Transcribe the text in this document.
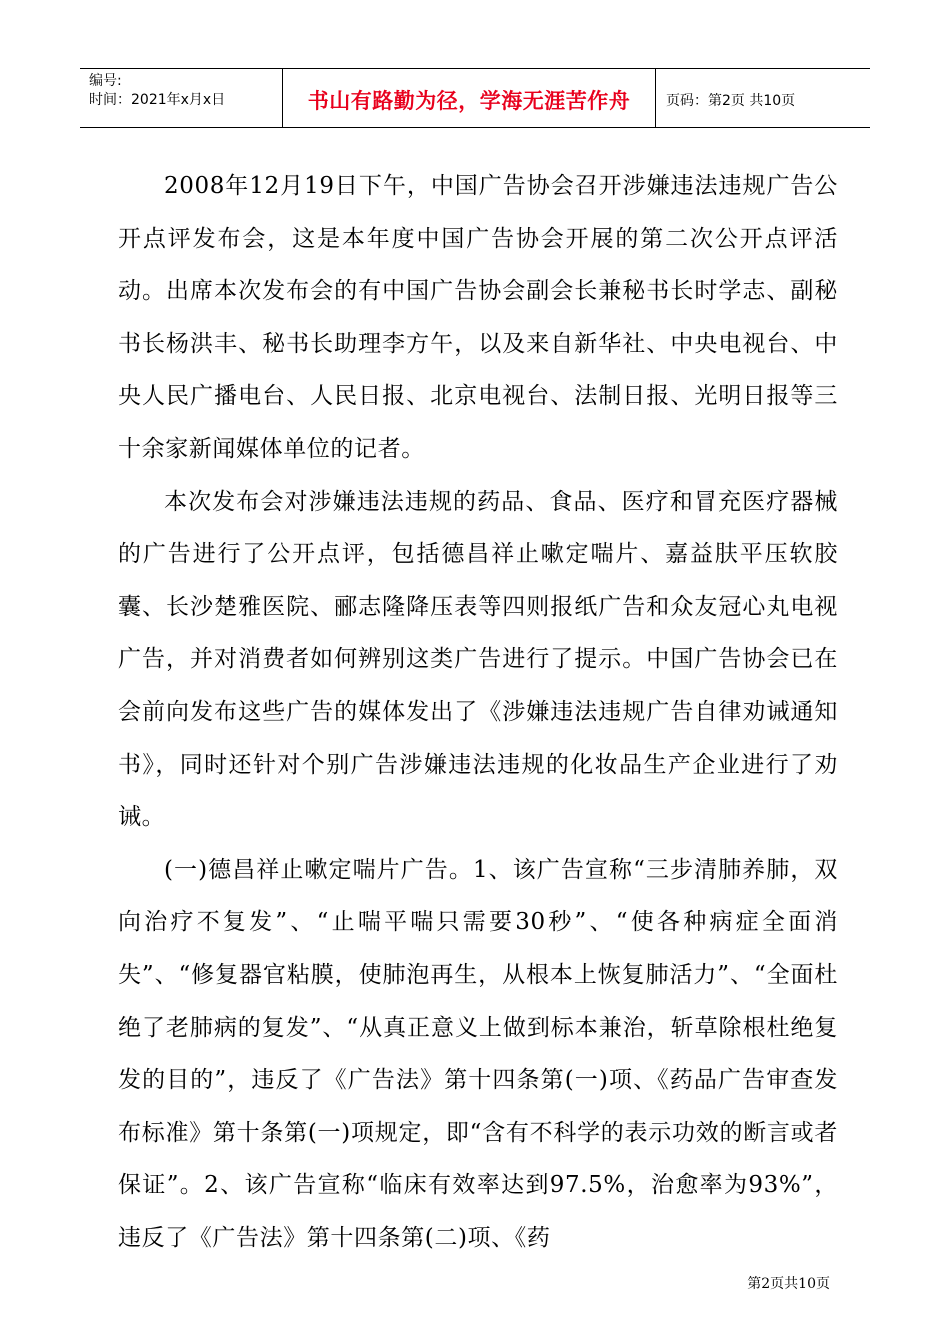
编号:
时间：2021年x月x日	书山有路勤为径，学海无涯苦作舟	页码：第2页 共10页

2008年12月19日下午，中国广告协会召开涉嫌违法违规广告公开点评发布会，这是本年度中国广告协会开展的第二次公开点评活动。出席本次发布会的有中国广告协会副会长兼秘书长时学志、副秘书长杨洪丰、秘书长助理李方午，以及来自新华社、中央电视台、中央人民广播电台、人民日报、北京电视台、法制日报、光明日报等三十余家新闻媒体单位的记者。

本次发布会对涉嫌违法违规的药品、食品、医疗和冒充医疗器械的广告进行了公开点评，包括德昌祥止嗽定喘片、嘉益肤平压软胶囊、长沙楚雅医院、郦志隆降压表等四则报纸广告和众友冠心丸电视广告，并对消费者如何辨别这类广告进行了提示。中国广告协会已在会前向发布这些广告的媒体发出了《涉嫌违法违规广告自律劝诫通知书》，同时还针对个别广告涉嫌违法违规的化妆品生产企业进行了劝诫。

(一)德昌祥止嗽定喘片广告。1、该广告宣称“三步清肺养肺，双向治疗不复发”、“止喘平喘只需要30秒”、“使各种病症全面消失”、“修复器官粘膜，使肺泡再生，从根本上恢复肺活力”、“全面杜绝了老肺病的复发”、“从真正意义上做到标本兼治，斩草除根杜绝复发的目的”，违反了《广告法》第十四条第(一)项、《药品广告审查发布标准》第十条第(一)项规定，即“含有不科学的表示功效的断言或者保证”。2、该广告宣称“临床有效率达到97.5%，治愈率为93%”，违反了《广告法》第十四条第(二)项、《药

第2页共10页
